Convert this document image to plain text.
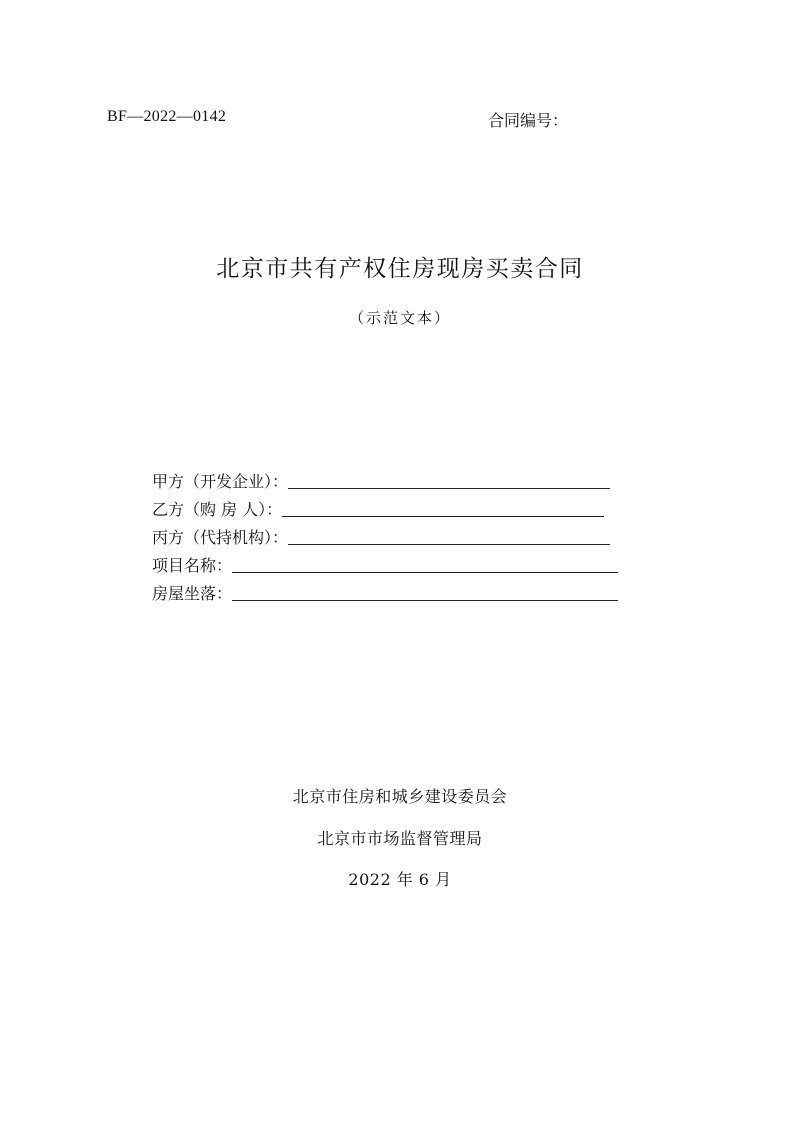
BF—2022—0142	合同编号：
北京市共有产权住房现房买卖合同
（示范文本）
甲方（开发企业）：
乙方（购 房 人）：
丙方（代持机构）：
项目名称：
房屋坐落：
北京市住房和城乡建设委员会
北京市市场监督管理局
2022 年 6 月
